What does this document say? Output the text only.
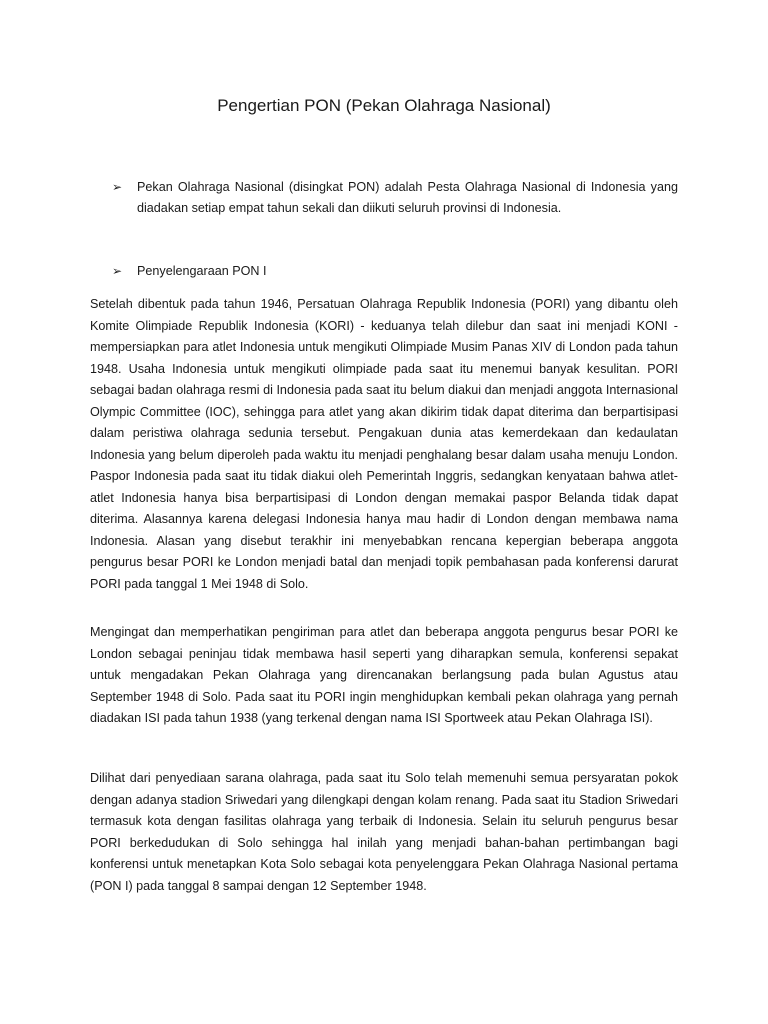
Pengertian PON (Pekan Olahraga Nasional)
➢	Pekan Olahraga Nasional (disingkat PON) adalah Pesta Olahraga Nasional di Indonesia yang diadakan setiap empat tahun sekali dan diikuti seluruh provinsi di Indonesia.
➢	Penyelengaraan PON I
Setelah dibentuk pada tahun 1946, Persatuan Olahraga Republik Indonesia (PORI) yang dibantu oleh Komite Olimpiade Republik Indonesia (KORI) - keduanya telah dilebur dan saat ini menjadi KONI - mempersiapkan para atlet Indonesia untuk mengikuti Olimpiade Musim Panas XIV di London pada tahun 1948. Usaha Indonesia untuk mengikuti olimpiade pada saat itu menemui banyak kesulitan. PORI sebagai badan olahraga resmi di Indonesia pada saat itu belum diakui dan menjadi anggota Internasional Olympic Committee (IOC), sehingga para atlet yang akan dikirim tidak dapat diterima dan berpartisipasi dalam peristiwa olahraga sedunia tersebut. Pengakuan dunia atas kemerdekaan dan kedaulatan Indonesia yang belum diperoleh pada waktu itu menjadi penghalang besar dalam usaha menuju London. Paspor Indonesia pada saat itu tidak diakui oleh Pemerintah Inggris, sedangkan kenyataan bahwa atlet-atlet Indonesia hanya bisa berpartisipasi di London dengan memakai paspor Belanda tidak dapat diterima. Alasannya karena delegasi Indonesia hanya mau hadir di London dengan membawa nama Indonesia. Alasan yang disebut terakhir ini menyebabkan rencana kepergian beberapa anggota pengurus besar PORI ke London menjadi batal dan menjadi topik pembahasan pada konferensi darurat PORI pada tanggal 1 Mei 1948 di Solo.
Mengingat dan memperhatikan pengiriman para atlet dan beberapa anggota pengurus besar PORI ke London sebagai peninjau tidak membawa hasil seperti yang diharapkan semula, konferensi sepakat untuk mengadakan Pekan Olahraga yang direncanakan berlangsung pada bulan Agustus atau September 1948 di Solo. Pada saat itu PORI ingin menghidupkan kembali pekan olahraga yang pernah diadakan ISI pada tahun 1938 (yang terkenal dengan nama ISI Sportweek atau Pekan Olahraga ISI).
Dilihat dari penyediaan sarana olahraga, pada saat itu Solo telah memenuhi semua persyaratan pokok dengan adanya stadion Sriwedari yang dilengkapi dengan kolam renang. Pada saat itu Stadion Sriwedari termasuk kota dengan fasilitas olahraga yang terbaik di Indonesia. Selain itu seluruh pengurus besar PORI berkedudukan di Solo sehingga hal inilah yang menjadi bahan-bahan pertimbangan bagi konferensi untuk menetapkan Kota Solo sebagai kota penyelenggara Pekan Olahraga Nasional pertama (PON I) pada tanggal 8 sampai dengan 12 September 1948.
